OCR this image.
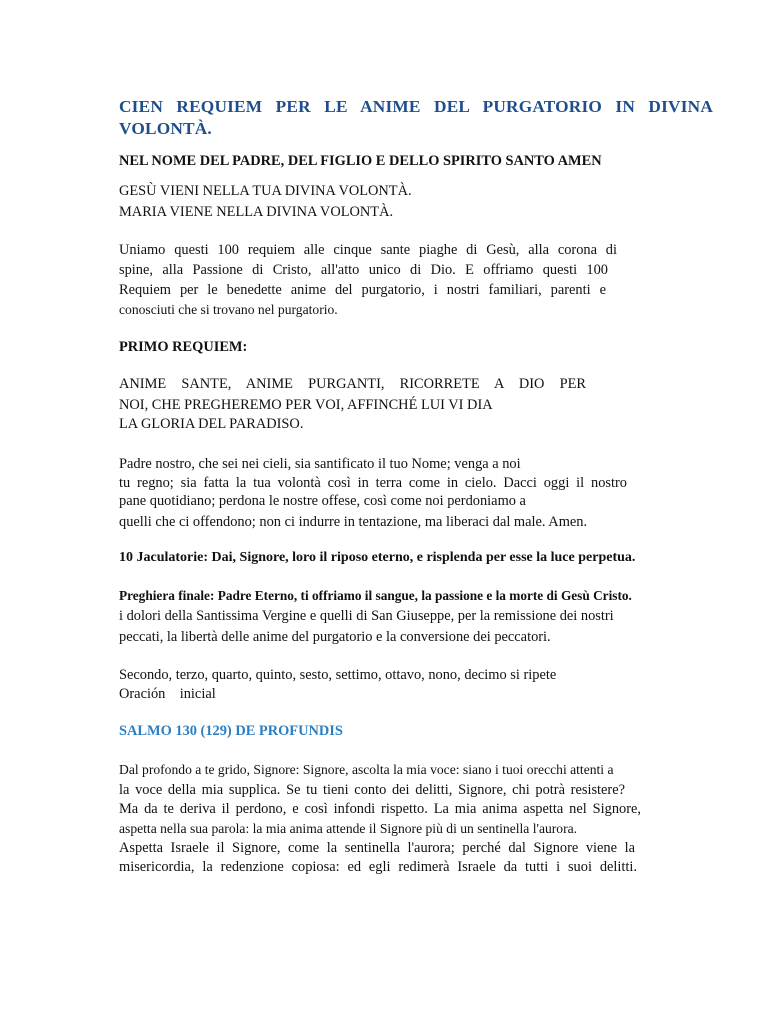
CIEN REQUIEM PER LE ANIME DEL PURGATORIO IN DIVINA
VOLONTÀ.
NEL NOME DEL PADRE, DEL FIGLIO E DELLO SPIRITO SANTO AMEN
GESÙ VIENI NELLA TUA DIVINA VOLONTÀ.
MARIA VIENE NELLA DIVINA VOLONTÀ.
Uniamo questi 100 requiem alle cinque sante piaghe di Gesù, alla corona di
spine, alla Passione di Cristo, all'atto unico di Dio. E offriamo questi 100
Requiem per le benedette anime del purgatorio, i nostri familiari, parenti e
conosciuti che si trovano nel purgatorio.
PRIMO REQUIEM:
ANIME SANTE, ANIME PURGANTI, RICORRETE A DIO PER
NOI, CHE PREGHEREMO PER VOI, AFFINCHÉ LUI VI DIA
LA GLORIA DEL PARADISO.
Padre nostro, che sei nei cieli, sia santificato il tuo Nome; venga a noi
tu regno; sia fatta la tua volontà così in terra come in cielo. Dacci oggi il nostro
pane quotidiano; perdona le nostre offese, così come noi perdoniamo a
quelli che ci offendono; non ci indurre in tentazione, ma liberaci dal male. Amen.
10 Jaculatorie: Dai, Signore, loro il riposo eterno, e risplenda per esse la luce perpetua.
Preghiera finale: Padre Eterno, ti offriamo il sangue, la passione e la morte di Gesù Cristo.
i dolori della Santissima Vergine e quelli di San Giuseppe, per la remissione dei nostri
peccati, la libertà delle anime del purgatorio e la conversione dei peccatori.
Secondo, terzo, quarto, quinto, sesto, settimo, ottavo, nono, decimo si ripete
Oración    inicial
SALMO 130 (129) DE PROFUNDIS
Dal profondo a te grido, Signore: Signore, ascolta la mia voce: siano i tuoi orecchi attenti a
la voce della mia supplica. Se tu tieni conto dei delitti, Signore, chi potrà resistere?
Ma da te deriva il perdono, e così infondi rispetto. La mia anima aspetta nel Signore,
aspetta nella sua parola: la mia anima attende il Signore più di un sentinella l'aurora.
Aspetta Israele il Signore, come la sentinella l'aurora; perché dal Signore viene la
misericordia, la redenzione copiosa: ed egli redimerà Israele da tutti i suoi delitti.
